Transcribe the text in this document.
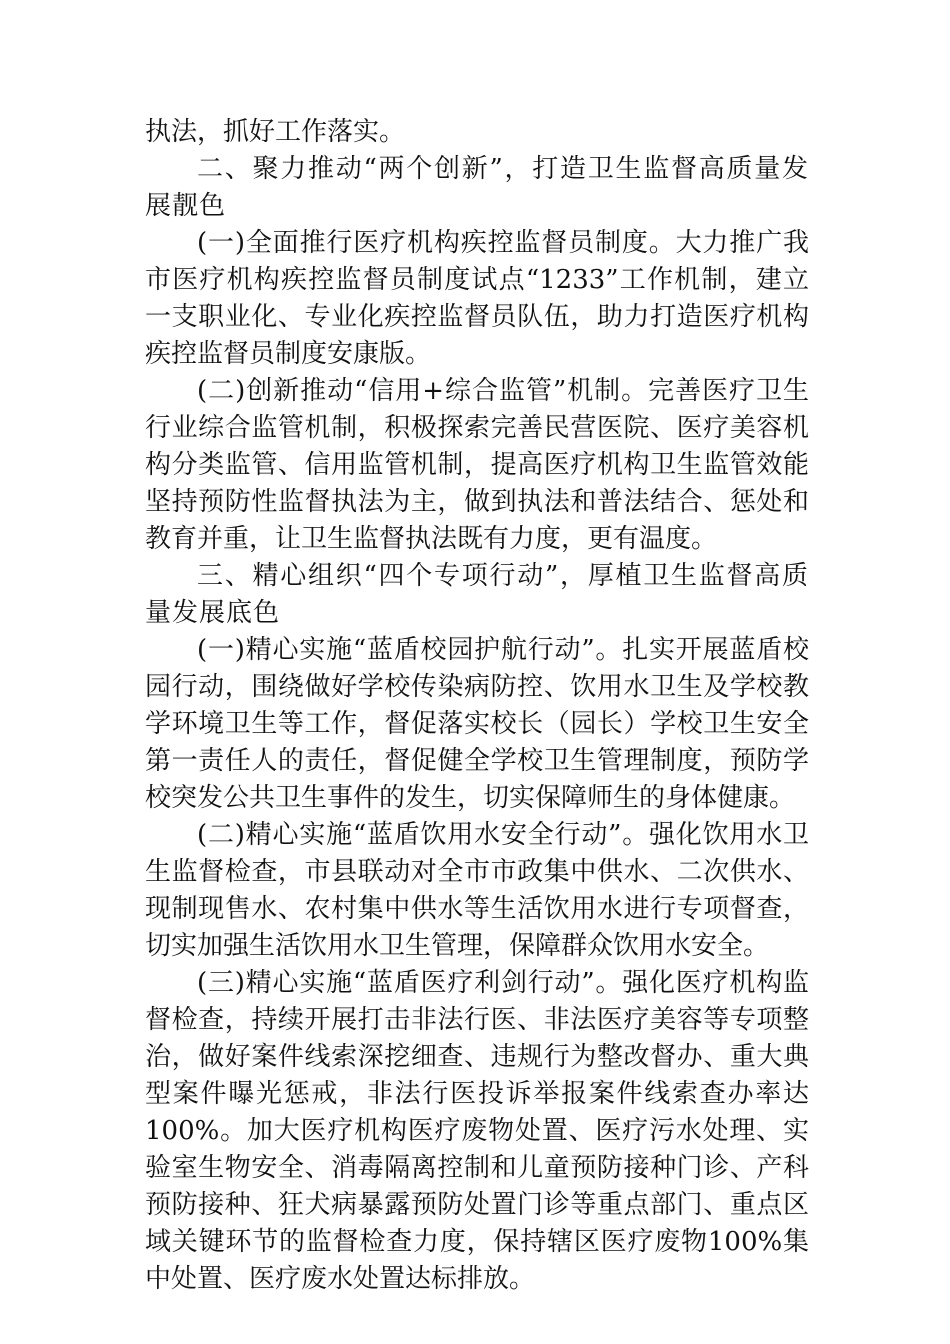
执法，抓好工作落实。

二、聚力推动“两个创新”，打造卫生监督高质量发展靓色

(一)全面推行医疗机构疾控监督员制度。大力推广我市医疗机构疾控监督员制度试点“1233”工作机制，建立一支职业化、专业化疾控监督员队伍，助力打造医疗机构疾控监督员制度安康版。

(二)创新推动“信用+综合监管”机制。完善医疗卫生行业综合监管机制，积极探索完善民营医院、医疗美容机构分类监管、信用监管机制，提高医疗机构卫生监管效能坚持预防性监督执法为主，做到执法和普法结合、惩处和教育并重，让卫生监督执法既有力度，更有温度。

三、精心组织“四个专项行动”，厚植卫生监督高质量发展底色

(一)精心实施“蓝盾校园护航行动”。扎实开展蓝盾校园行动，围绕做好学校传染病防控、饮用水卫生及学校教学环境卫生等工作，督促落实校长（园长）学校卫生安全第一责任人的责任，督促健全学校卫生管理制度，预防学校突发公共卫生事件的发生，切实保障师生的身体健康。

(二)精心实施“蓝盾饮用水安全行动”。强化饮用水卫生监督检查，市县联动对全市市政集中供水、二次供水、现制现售水、农村集中供水等生活饮用水进行专项督查，切实加强生活饮用水卫生管理，保障群众饮用水安全。

(三)精心实施“蓝盾医疗利剑行动”。强化医疗机构监督检查，持续开展打击非法行医、非法医疗美容等专项整治，做好案件线索深挖细查、违规行为整改督办、重大典型案件曝光惩戒，非法行医投诉举报案件线索查办率达100%。加大医疗机构医疗废物处置、医疗污水处理、实验室生物安全、消毒隔离控制和儿童预防接种门诊、产科预防接种、狂犬病暴露预防处置门诊等重点部门、重点区域关键环节的监督检查力度，保持辖区医疗废物100%集中处置、医疗废水处置达标排放。
